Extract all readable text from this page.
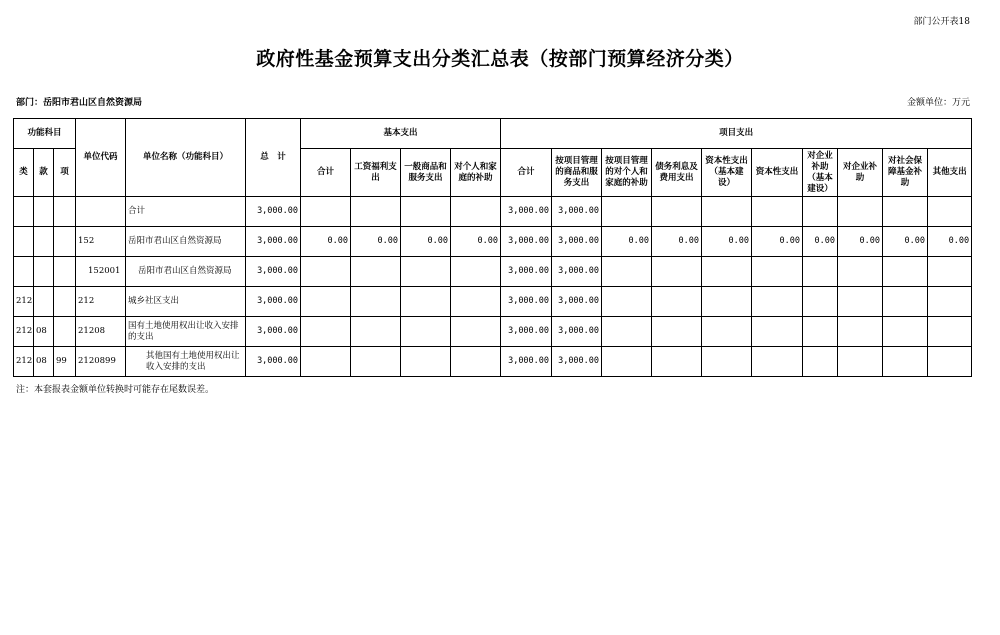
部门公开表18
政府性基金预算支出分类汇总表（按部门预算经济分类）
部门：岳阳市君山区自然资源局	金额单位：万元
功能科目			单位代码	单位名称（功能科目）	总　计	基本支出				项目支出									
类	款	项				合计	工资福利支出	一般商品和服务支出	对个人和家庭的补助	合计	按项目管理的商品和服务支出	按项目管理的对个人和家庭的补助	债务利息及费用支出	资本性支出（基本建设）	资本性支出	对企业补助（基本建设）	对企业补助	对社会保障基金补助	其他支出
				合计	3,000.00					3,000.00	3,000.00								
			152	岳阳市君山区自然资源局	3,000.00	0.00	0.00	0.00	0.00	3,000.00	3,000.00	0.00	0.00	0.00	0.00	0.00	0.00	0.00	0.00
			152001	岳阳市君山区自然资源局	3,000.00					3,000.00	3,000.00								
212			212	城乡社区支出	3,000.00					3,000.00	3,000.00								
212	08		21208	国有土地使用权出让收入安排的支出	3,000.00					3,000.00	3,000.00								
212	08	99	2120899	其他国有土地使用权出让收入安排的支出	3,000.00					3,000.00	3,000.00								
注：本套报表金额单位转换时可能存在尾数误差。
